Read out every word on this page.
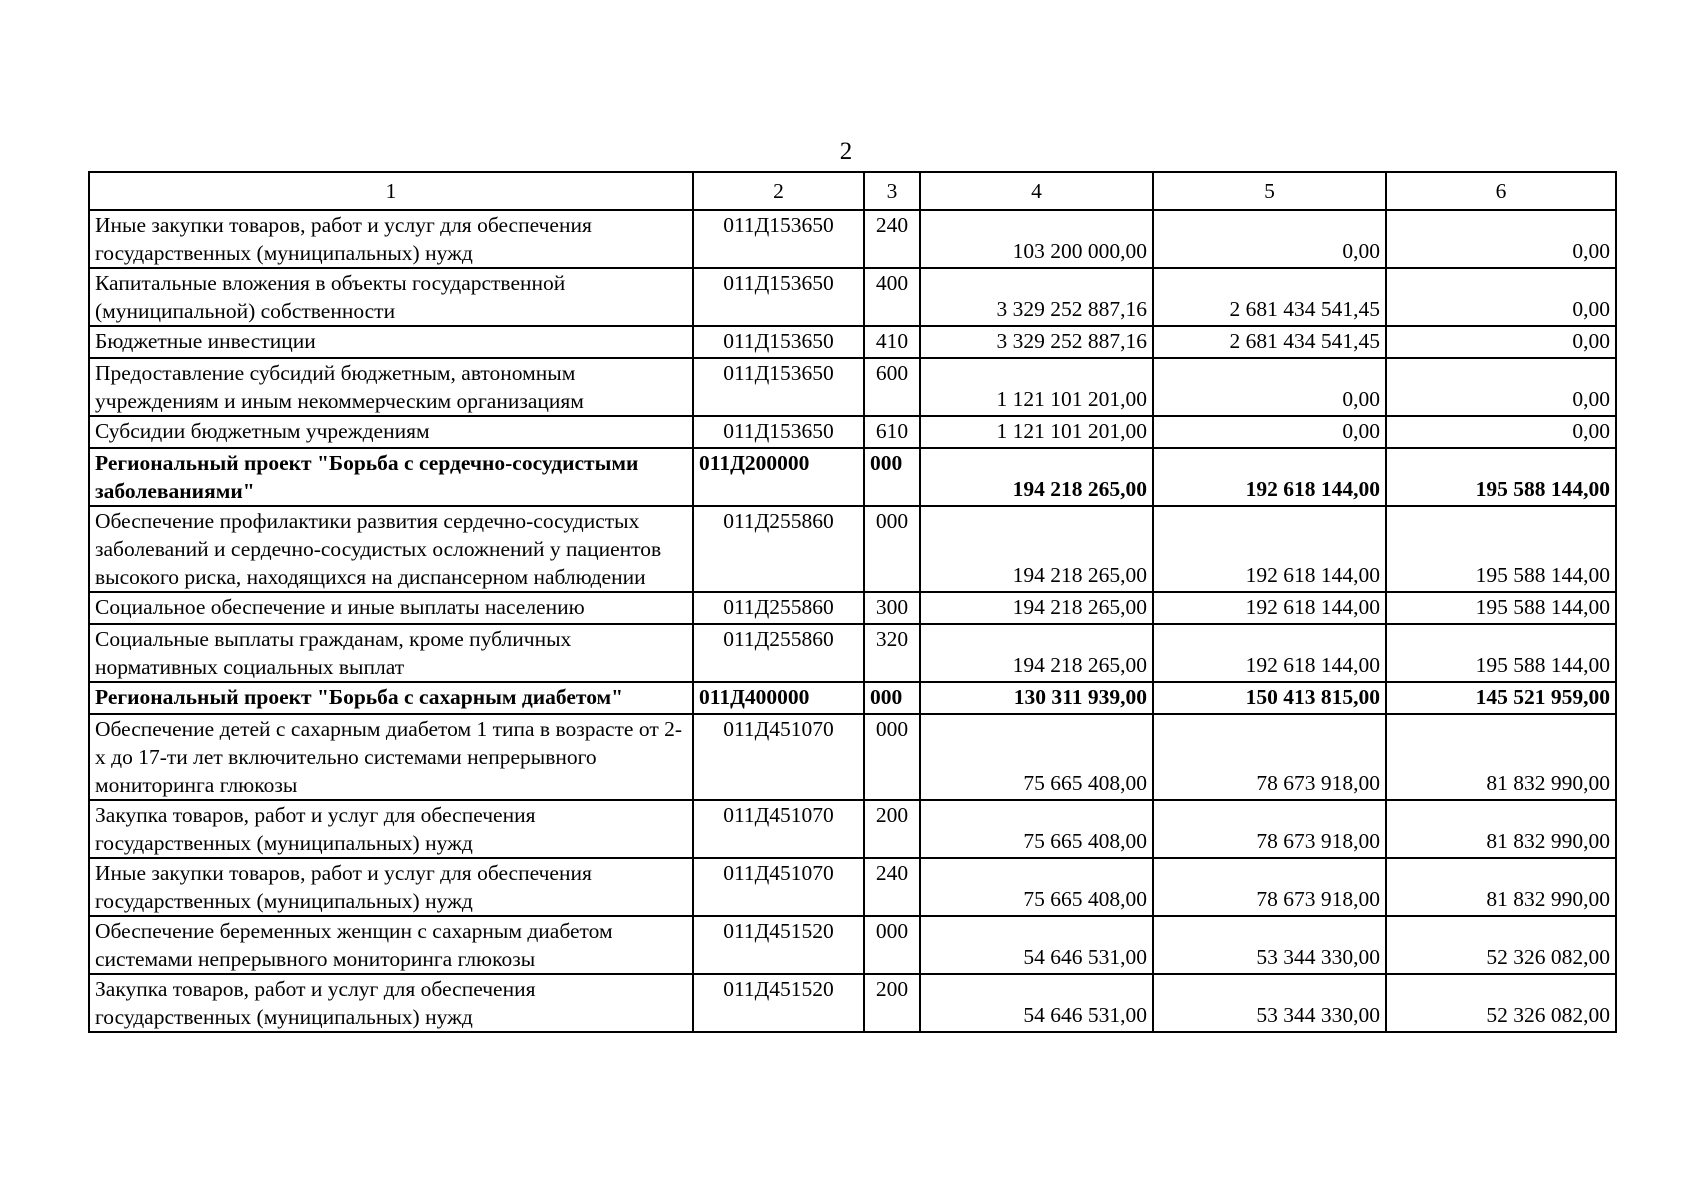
2
1	2	3	4	5	6
Иные закупки товаров, работ и услуг для обеспечения государственных (муниципальных) нужд	011Д153650	240	103 200 000,00	0,00	0,00
Капитальные вложения в объекты государственной (муниципальной) собственности	011Д153650	400	3 329 252 887,16	2 681 434 541,45	0,00
Бюджетные инвестиции	011Д153650	410	3 329 252 887,16	2 681 434 541,45	0,00
Предоставление субсидий бюджетным, автономным учреждениям и иным некоммерческим организациям	011Д153650	600	1 121 101 201,00	0,00	0,00
Субсидии бюджетным учреждениям	011Д153650	610	1 121 101 201,00	0,00	0,00
Региональный проект "Борьба с сердечно-сосудистыми заболеваниями"	011Д200000	000	194 218 265,00	192 618 144,00	195 588 144,00
Обеспечение профилактики развития сердечно-сосудистых заболеваний и сердечно-сосудистых осложнений у пациентов высокого риска, находящихся на диспансерном наблюдении	011Д255860	000	194 218 265,00	192 618 144,00	195 588 144,00
Социальное обеспечение и иные выплаты населению	011Д255860	300	194 218 265,00	192 618 144,00	195 588 144,00
Социальные выплаты гражданам, кроме публичных нормативных социальных выплат	011Д255860	320	194 218 265,00	192 618 144,00	195 588 144,00
Региональный проект "Борьба с сахарным диабетом"	011Д400000	000	130 311 939,00	150 413 815,00	145 521 959,00
Обеспечение детей с сахарным диабетом 1 типа в возрасте от 2-х до 17-ти лет включительно системами непрерывного мониторинга глюкозы	011Д451070	000	75 665 408,00	78 673 918,00	81 832 990,00
Закупка товаров, работ и услуг для обеспечения государственных (муниципальных) нужд	011Д451070	200	75 665 408,00	78 673 918,00	81 832 990,00
Иные закупки товаров, работ и услуг для обеспечения государственных (муниципальных) нужд	011Д451070	240	75 665 408,00	78 673 918,00	81 832 990,00
Обеспечение беременных женщин с сахарным диабетом системами непрерывного мониторинга глюкозы	011Д451520	000	54 646 531,00	53 344 330,00	52 326 082,00
Закупка товаров, работ и услуг для обеспечения государственных (муниципальных) нужд	011Д451520	200	54 646 531,00	53 344 330,00	52 326 082,00
